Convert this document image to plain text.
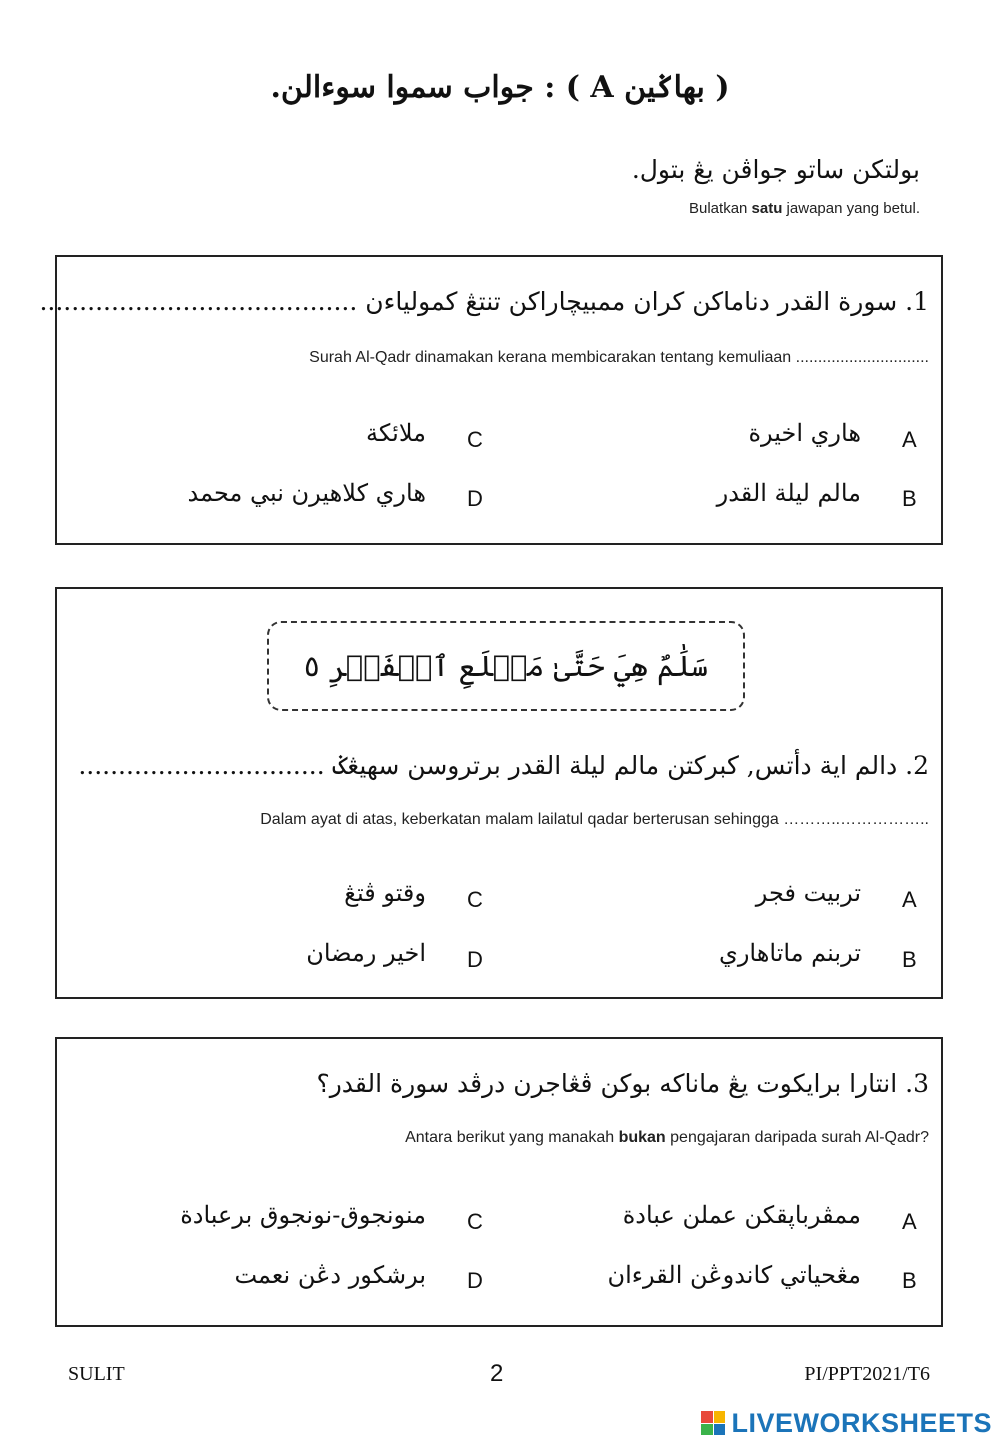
( بهاݢين A ) : جواب سموا سوءالن.
بولتکن ساتو جواڤن يڠ بتول.
Bulatkan satu jawapan yang betul.
1. سورة القدر دناماکن کران ممبيچاراکن تنتڠ کمولياءن ........................................
Surah Al-Qadr dinamakan kerana membicarakan tentang kemuliaan ..............................
A
هاري اخيرة
B
مالم ليلة القدر
C
ملائكة
D
هاري کلاهيرن نبي محمد
سَلَٰمٌ هِيَ حَتَّىٰ مَطۡلَعِ ٱلۡفَجۡرِ ٥
2. دالم اية دأتس, کبرکتن مالم ليلة القدر برتروسن سهيڠݢ ...............................
Dalam ayat di atas, keberkatan malam lailatul qadar berterusan sehingga ………..……………..
A
تربيت فجر
B
تربنم ماتاهاري
C
وقتو ڤتڠ
D
اخير رمضان
3. انتارا برايکوت يڠ ماناکه بوکن ڤڠاجرن درڤد سورة القدر؟
Antara berikut yang manakah bukan pengajaran daripada surah Al-Qadr?
A
ممڤرباڽقکن عملن عبادة
B
مڠحياتي کاندوڠن القرءان
C
منونجوق-نونجوق برعبادة
D
برشکور دڠن نعمت
SULIT	2	PI/PPT2021/T6
LIVEWORKSHEETS
